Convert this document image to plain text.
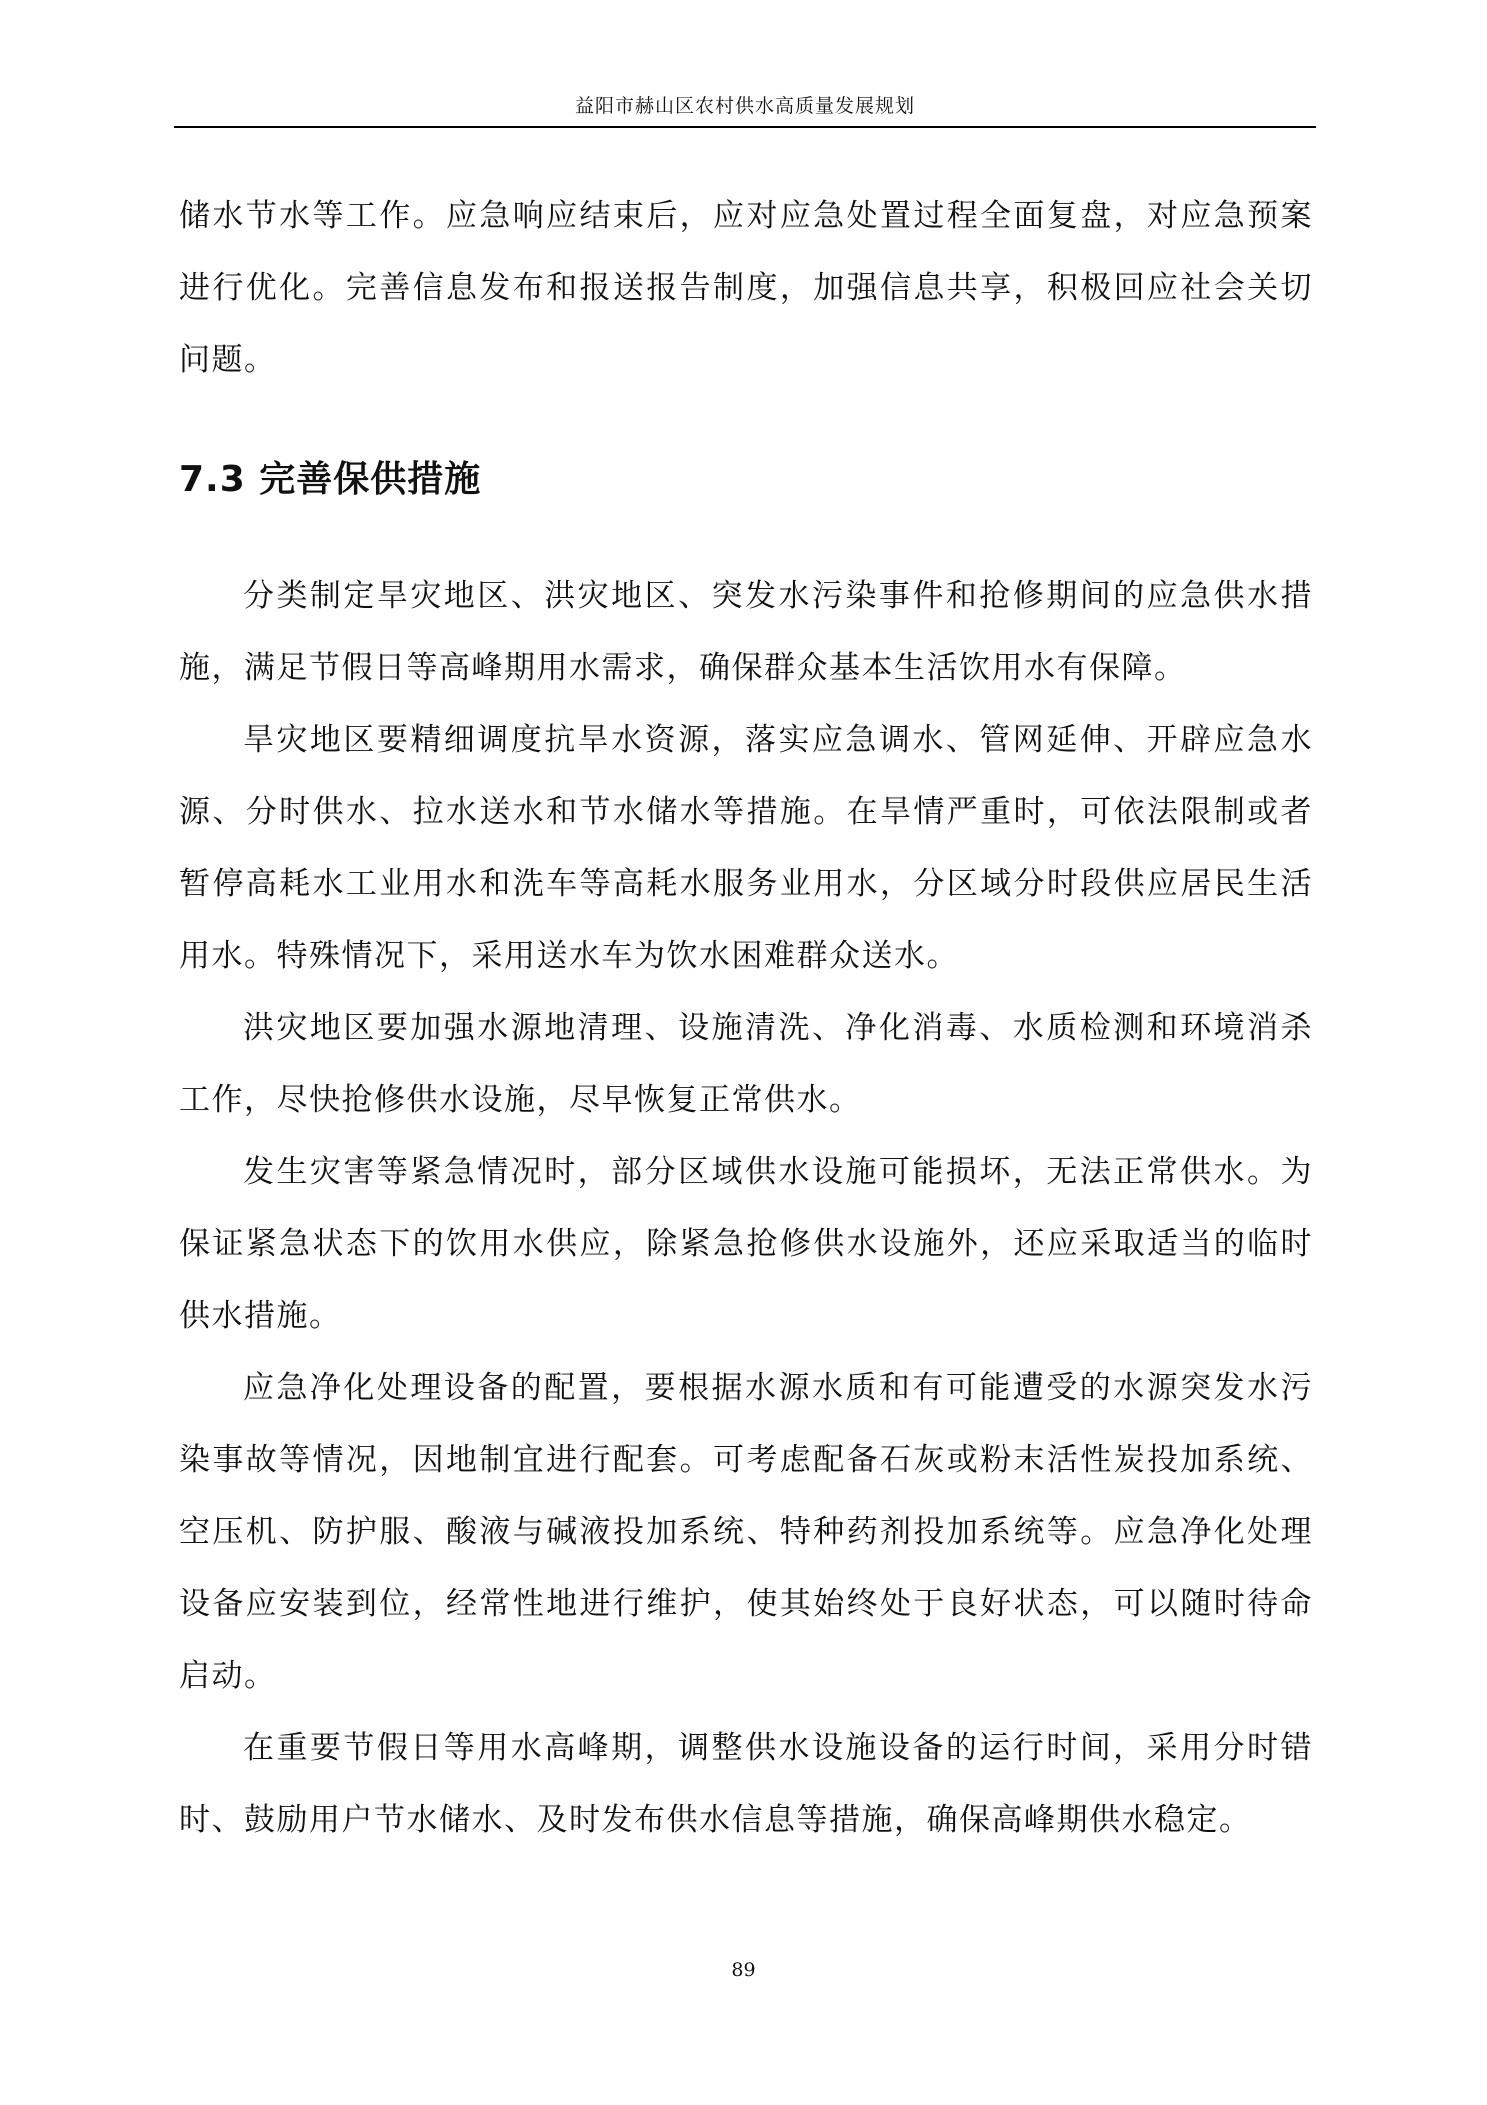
益阳市赫山区农村供水高质量发展规划

储水节水等工作。应急响应结束后，应对应急处置过程全面复盘，对应急预案进行优化。完善信息发布和报送报告制度，加强信息共享，积极回应社会关切问题。

7.3 完善保供措施

分类制定旱灾地区、洪灾地区、突发水污染事件和抢修期间的应急供水措施，满足节假日等高峰期用水需求，确保群众基本生活饮用水有保障。

旱灾地区要精细调度抗旱水资源，落实应急调水、管网延伸、开辟应急水源、分时供水、拉水送水和节水储水等措施。在旱情严重时，可依法限制或者暂停高耗水工业用水和洗车等高耗水服务业用水，分区域分时段供应居民生活用水。特殊情况下，采用送水车为饮水困难群众送水。

洪灾地区要加强水源地清理、设施清洗、净化消毒、水质检测和环境消杀工作，尽快抢修供水设施，尽早恢复正常供水。

发生灾害等紧急情况时，部分区域供水设施可能损坏，无法正常供水。为保证紧急状态下的饮用水供应，除紧急抢修供水设施外，还应采取适当的临时供水措施。

应急净化处理设备的配置，要根据水源水质和有可能遭受的水源突发水污染事故等情况，因地制宜进行配套。可考虑配备石灰或粉末活性炭投加系统、空压机、防护服、酸液与碱液投加系统、特种药剂投加系统等。应急净化处理设备应安装到位，经常性地进行维护，使其始终处于良好状态，可以随时待命启动。

在重要节假日等用水高峰期，调整供水设施设备的运行时间，采用分时错时、鼓励用户节水储水、及时发布供水信息等措施，确保高峰期供水稳定。

89
